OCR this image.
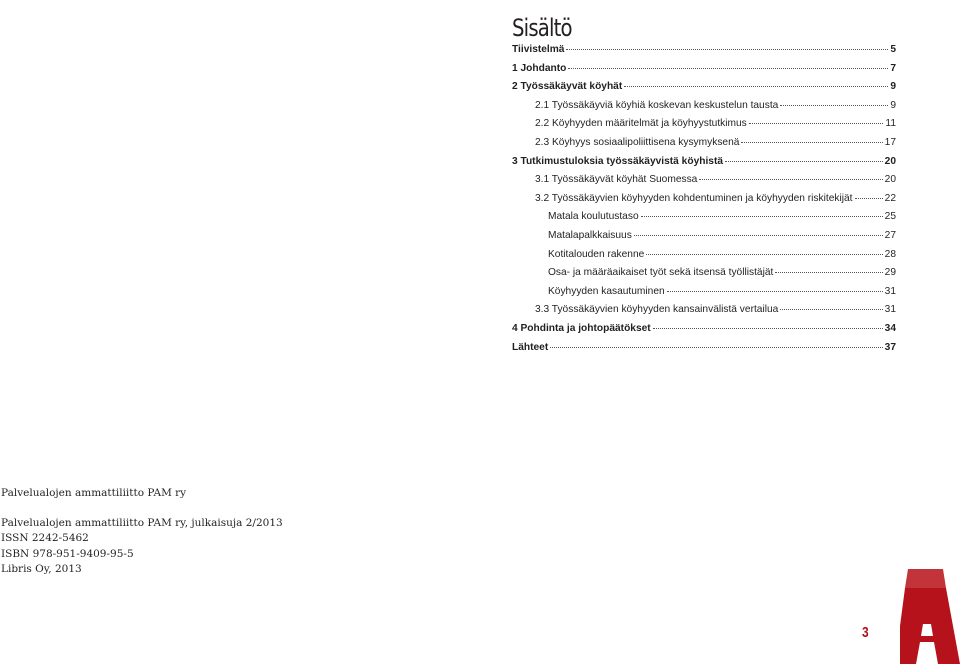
Sisältö
Tiivistelmä	5
1 Johdanto	7
2 Työssäkäyvät köyhät	9
2.1 Työssäkäyviä köyhiä koskevan keskustelun tausta	9
2.2 Köyhyyden määritelmät ja köyhyystutkimus	11
2.3 Köyhyys sosiaalipoliittisena kysymyksenä	17
3 Tutkimustuloksia työssäkäyvistä köyhistä	20
3.1 Työssäkäyvät köyhät Suomessa	20
3.2 Työssäkäyvien köyhyyden kohdentuminen ja köyhyyden riskitekijät	22
Matala koulutustaso	25
Matalapalkkaisuus	27
Kotitalouden rakenne	28
Osa- ja määräaikaiset työt sekä itsensä työllistäjät	29
Köyhyyden kasautuminen	31
3.3 Työssäkäyvien köyhyyden kansainvälistä vertailua	31
4 Pohdinta ja johtopäätökset	34
Lähteet	37
Palvelualojen ammattiliitto PAM ry
Palvelualojen ammattiliitto PAM ry, julkaisuja 2/2013
ISSN 2242-5462
ISBN 978-951-9409-95-5
Libris Oy, 2013
3
